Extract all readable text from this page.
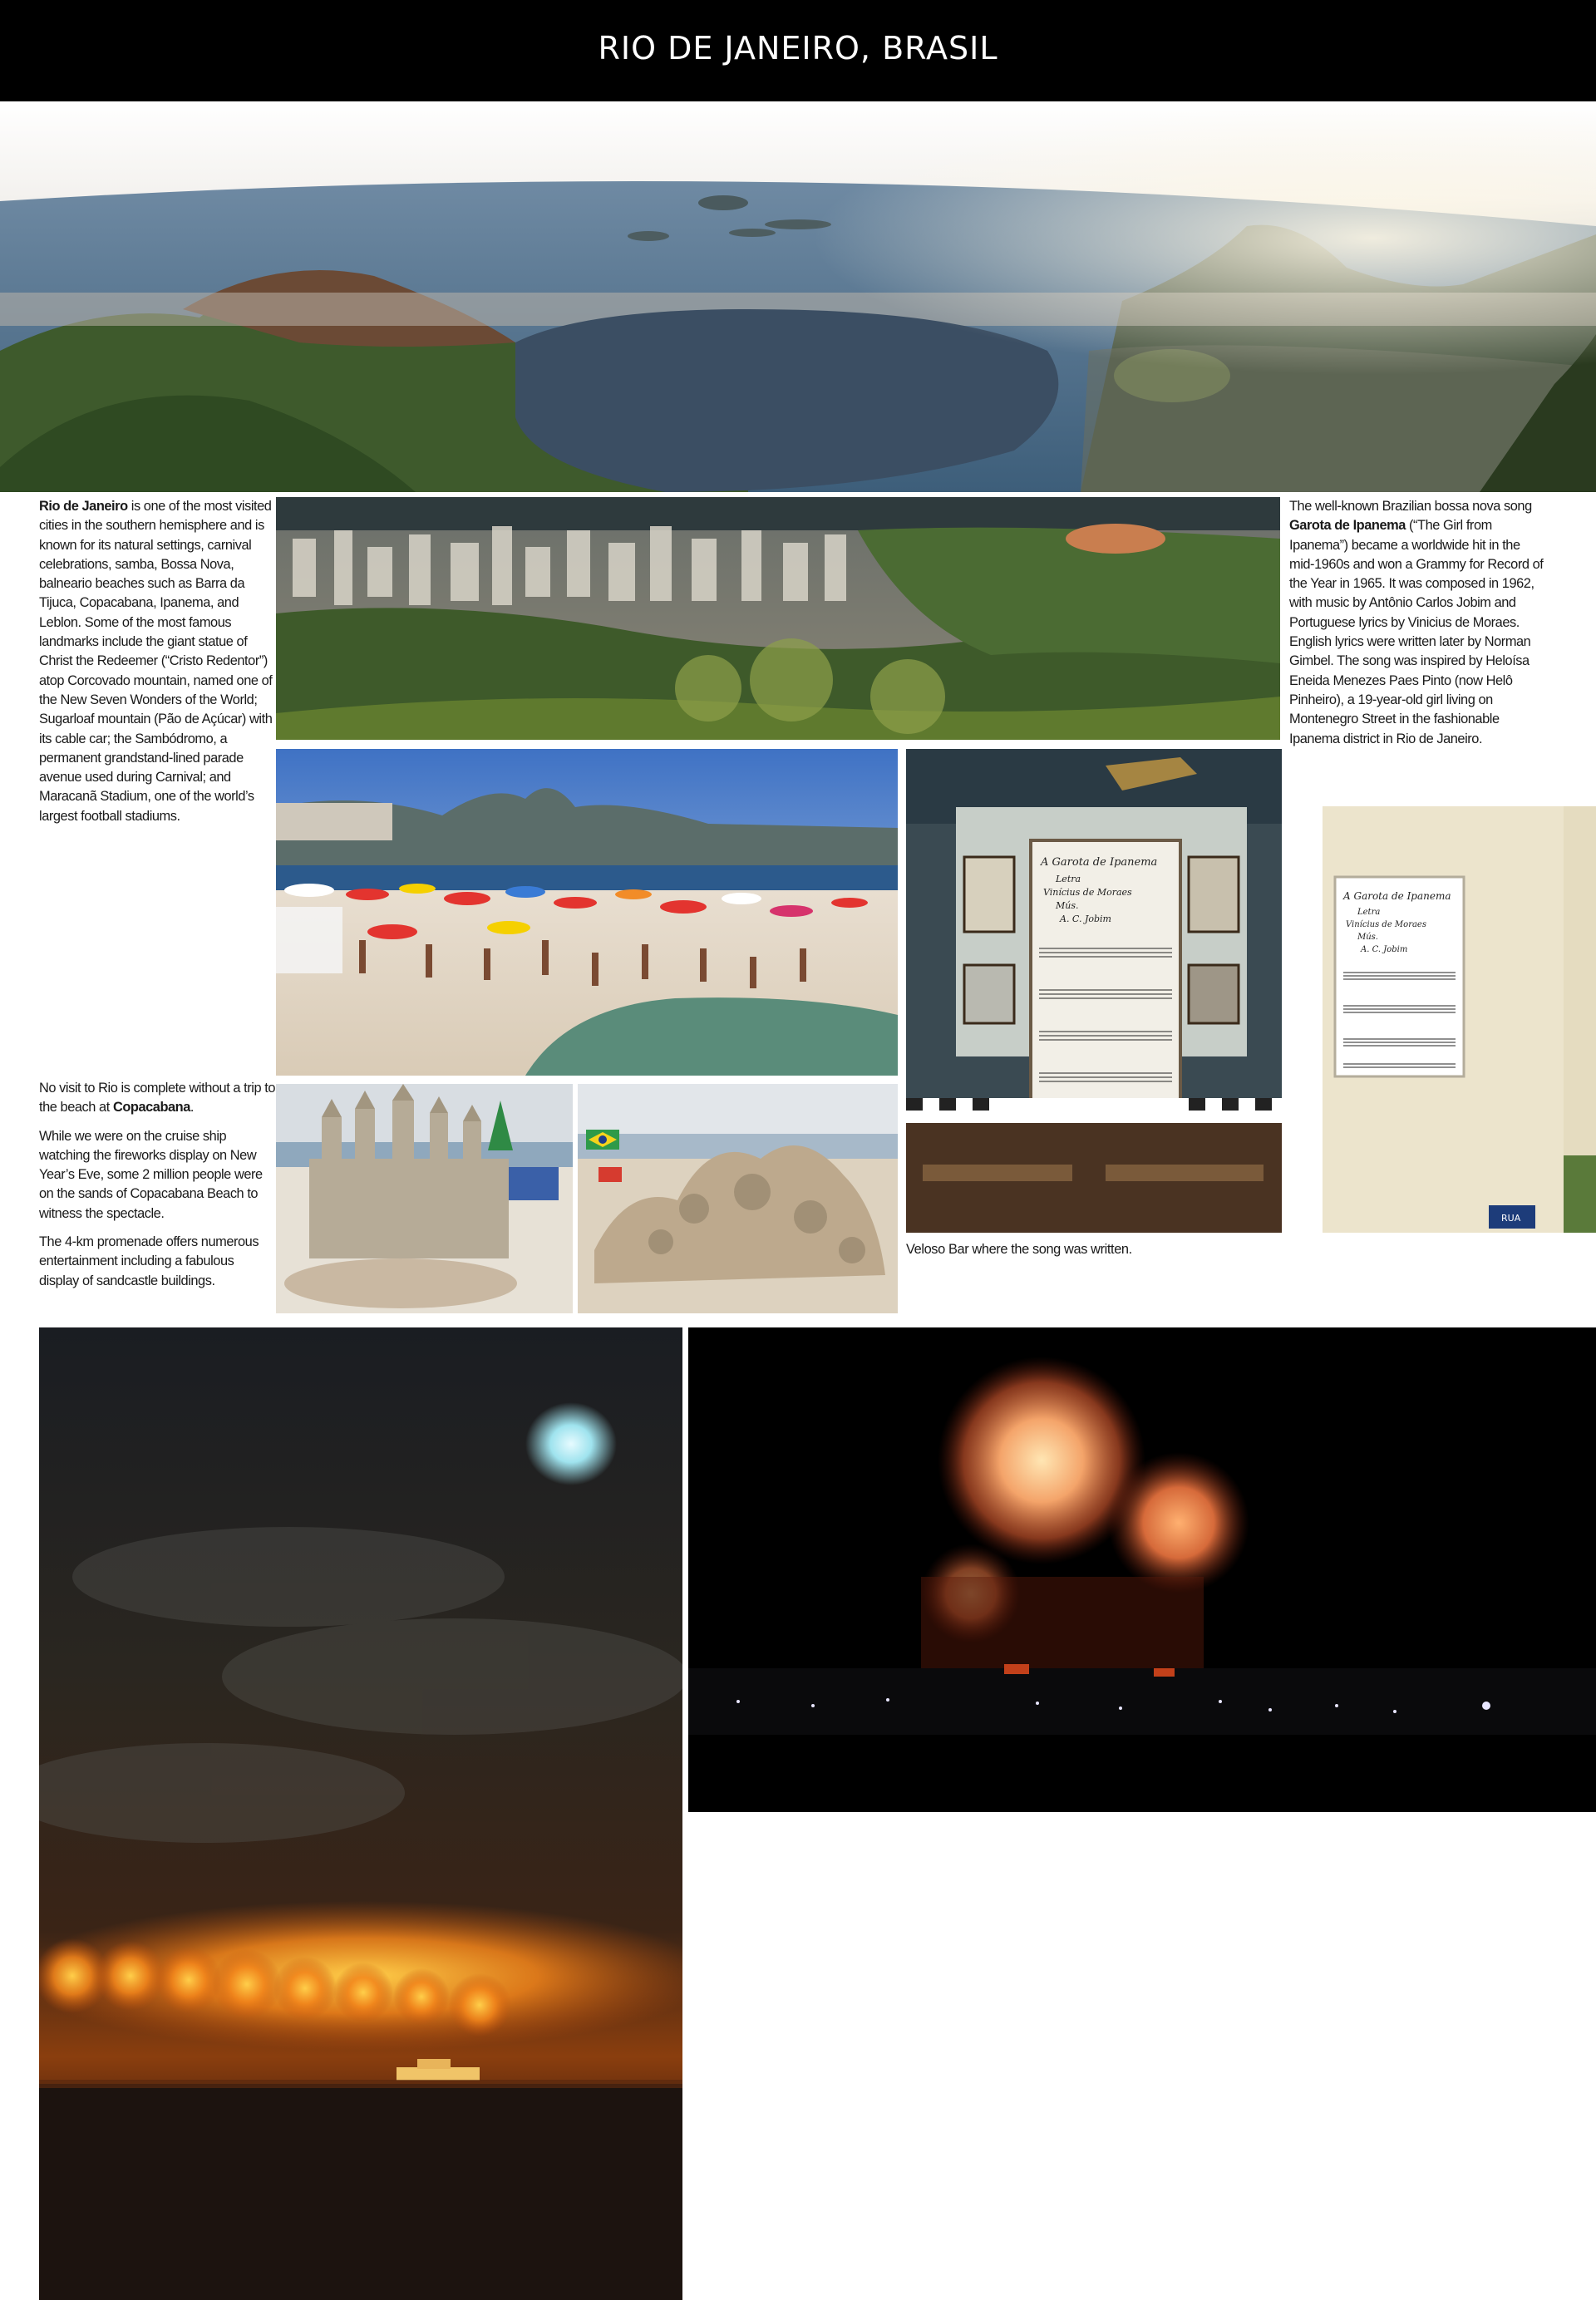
RIO DE JANEIRO, BRASIL

Rio de Janeiro is one of the most visited cities in the southern hemisphere and is known for its natural settings, carnival celebrations, samba, Bossa Nova, balneario beaches such as Barra da Tijuca, Copacabana, Ipanema, and Leblon. Some of the most famous landmarks include the giant statue of Christ the Redeemer (“Cristo Redentor”) atop Corcovado mountain, named one of the New Seven Wonders of the World; Sugarloaf mountain (Pão de Açúcar) with its cable car; the Sambódromo, a permanent grandstand-lined parade avenue used during Carnival; and Maracanã Stadium, one of the world’s largest football stadiums.

The well-known Brazilian bossa nova song Garota de Ipanema (“The Girl from Ipanema”) became a worldwide hit in the mid-1960s and won a Grammy for Record of the Year in 1965. It was composed in 1962, with music by Antônio Carlos Jobim and Portuguese lyrics by Vinicius de Moraes. English lyrics were written later by Norman Gimbel. The song was inspired by Heloísa Eneida Menezes Paes Pinto (now Helô Pinheiro), a 19-year-old girl living on Montenegro Street in the fashionable Ipanema district in Rio de Janeiro.

A Garota de Ipanema
Letra
Vinícius de Moraes
Mús.
A. C. Jobim
A Garota de Ipanema
Letra
Vinícius de Moraes
Mús.
A. C. Jobim
RUA

No visit to Rio is complete without a trip to the beach at Copacabana.

While we were on the cruise ship watching the fireworks display on New Year’s Eve, some 2 million people were on the sands of Copacabana Beach to witness the spectacle.

The 4-km promenade offers numerous entertainment including a fabulous display of sandcastle buildings.

Veloso Bar where the song was written.
